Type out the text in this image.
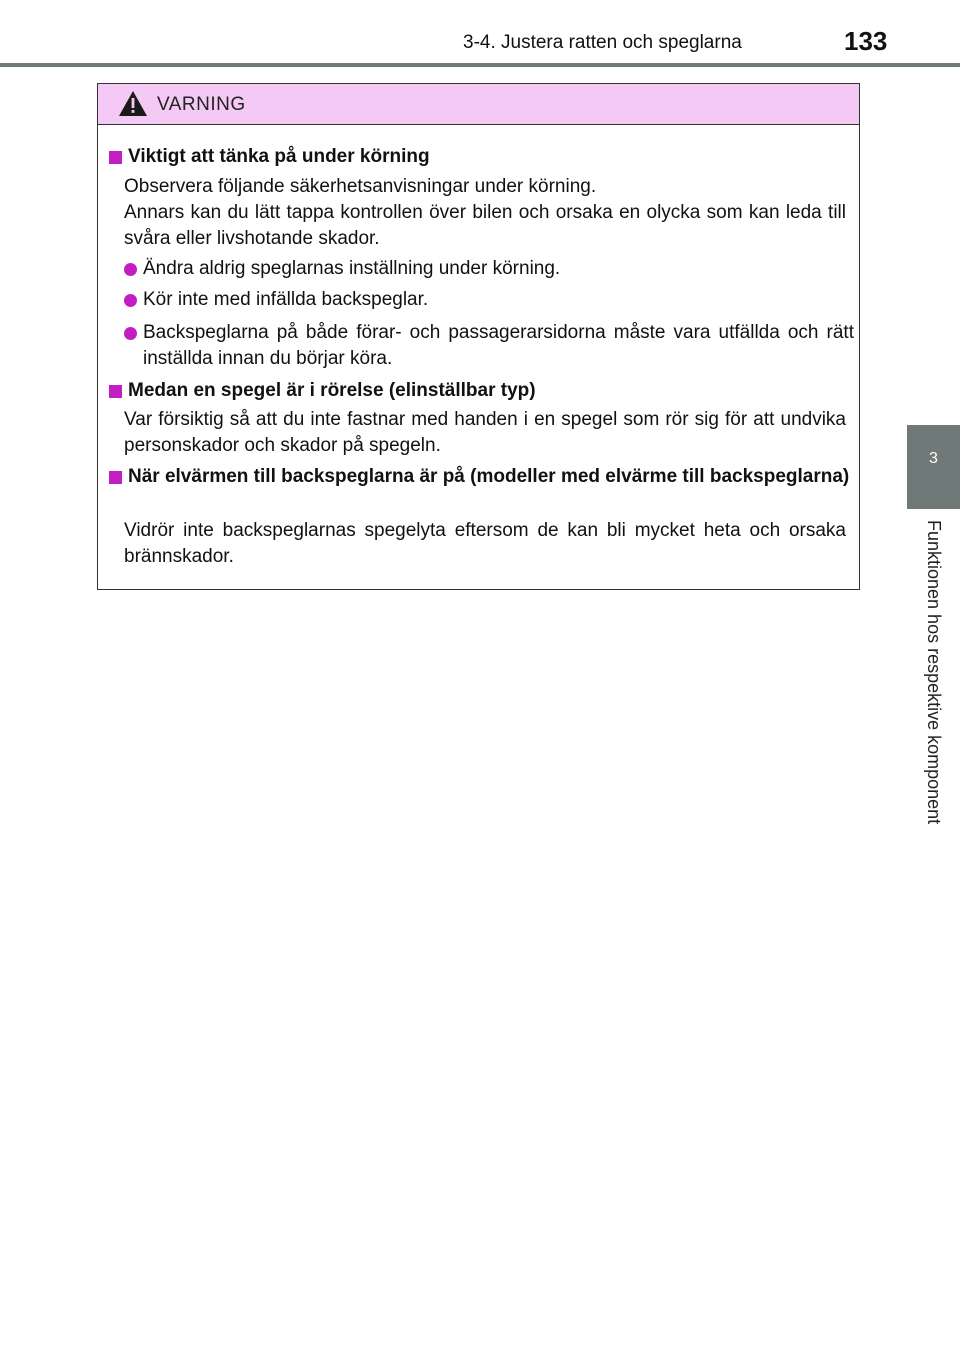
3-4. Justera ratten och speglarna	133
3
Funktionen hos respektive komponent
VARNING
Viktigt att tänka på under körning
Observera följande säkerhetsanvisningar under körning.
Annars kan du lätt tappa kontrollen över bilen och orsaka en olycka som kan leda till svåra eller livshotande skador.
Ändra aldrig speglarnas inställning under körning.
Kör inte med infällda backspeglar.
Backspeglarna på både förar- och passagerarsidorna måste vara utfällda och rätt inställda innan du börjar köra.
Medan en spegel är i rörelse (elinställbar typ)
Var försiktig så att du inte fastnar med handen i en spegel som rör sig för att undvika personskador och skador på spegeln.
När elvärmen till backspeglarna är på (modeller med elvärme till backspeglarna)
Vidrör inte backspeglarnas spegelyta eftersom de kan bli mycket heta och orsaka brännskador.
